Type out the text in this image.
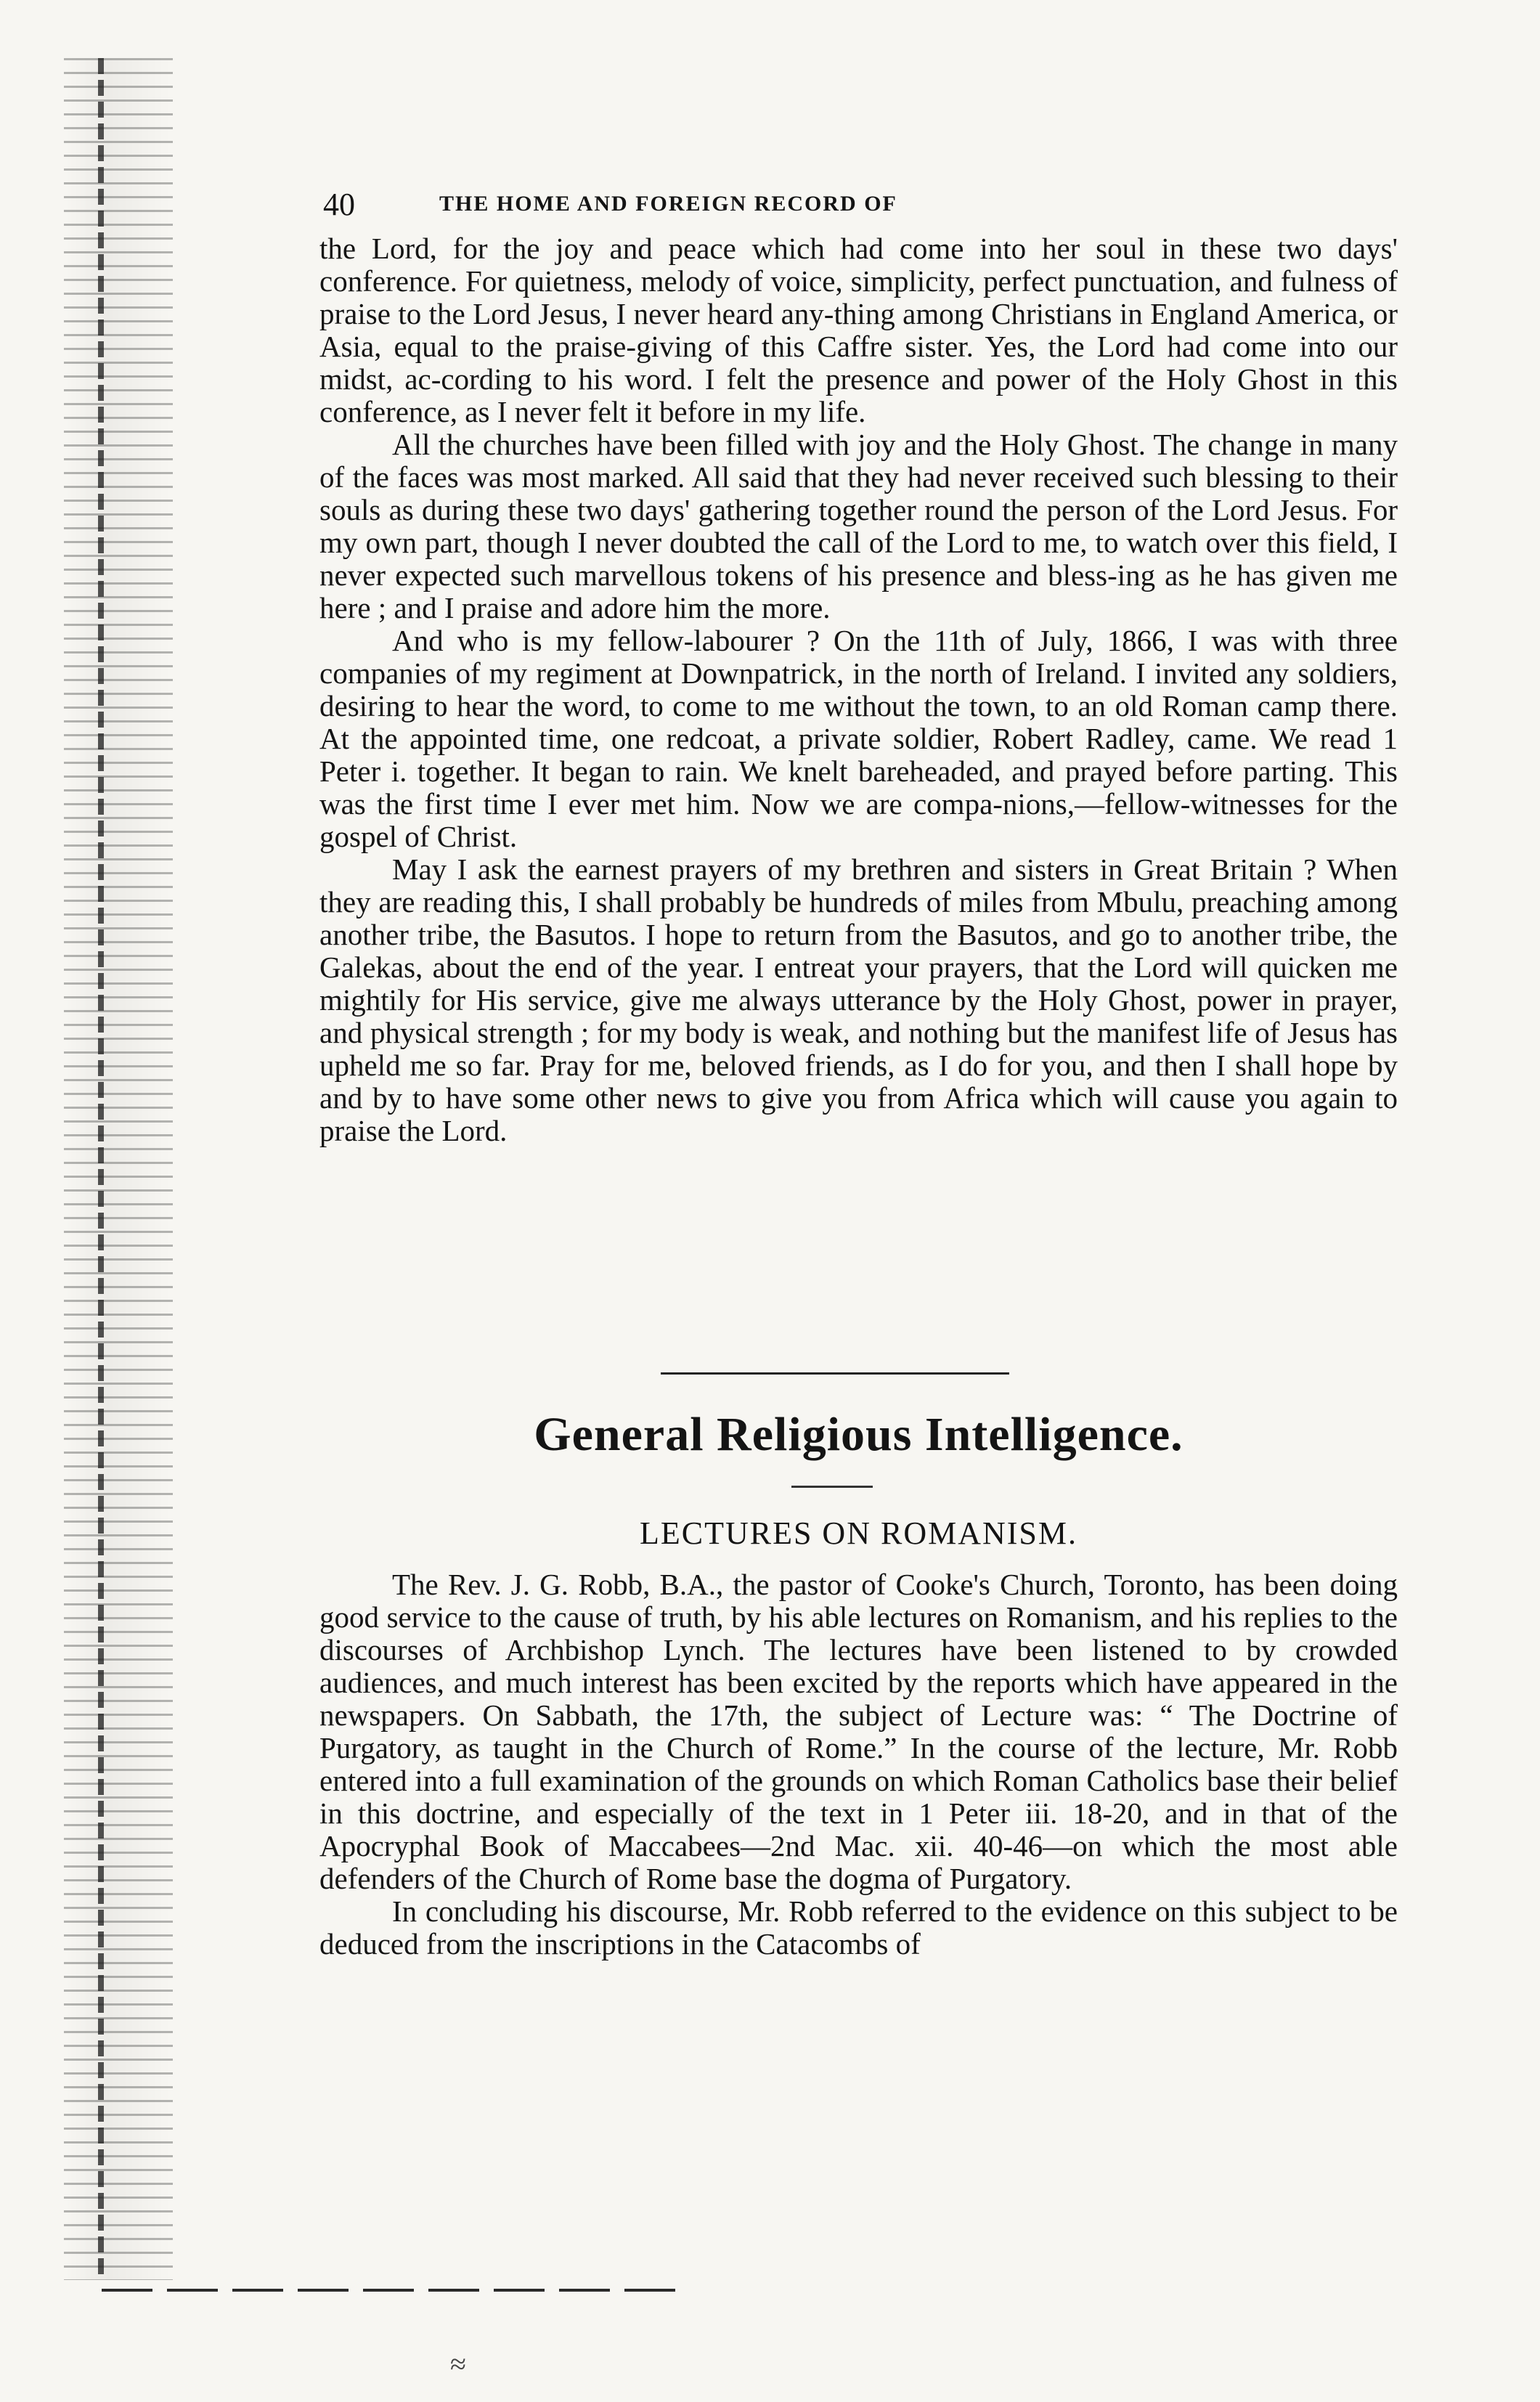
40	THE HOME AND FOREIGN RECORD OF

the Lord, for the joy and peace which had come into her soul in these two days' conference. For quietness, melody of voice, simplicity, perfect punctuation, and fulness of praise to the Lord Jesus, I never heard any-thing among Christians in England America, or Asia, equal to the praise-giving of this Caffre sister. Yes, the Lord had come into our midst, ac-cording to his word. I felt the presence and power of the Holy Ghost in this conference, as I never felt it before in my life.

All the churches have been filled with joy and the Holy Ghost. The change in many of the faces was most marked. All said that they had never received such blessing to their souls as during these two days' gathering together round the person of the Lord Jesus. For my own part, though I never doubted the call of the Lord to me, to watch over this field, I never expected such marvellous tokens of his presence and bless-ing as he has given me here ; and I praise and adore him the more.

And who is my fellow-labourer ? On the 11th of July, 1866, I was with three companies of my regiment at Downpatrick, in the north of Ireland. I invited any soldiers, desiring to hear the word, to come to me without the town, to an old Roman camp there. At the appointed time, one redcoat, a private soldier, Robert Radley, came. We read 1 Peter i. together. It began to rain. We knelt bareheaded, and prayed before parting. This was the first time I ever met him. Now we are compa-nions,—fellow-witnesses for the gospel of Christ.

May I ask the earnest prayers of my brethren and sisters in Great Britain ? When they are reading this, I shall probably be hundreds of miles from Mbulu, preaching among another tribe, the Basutos. I hope to return from the Basutos, and go to another tribe, the Galekas, about the end of the year. I entreat your prayers, that the Lord will quicken me mightily for His service, give me always utterance by the Holy Ghost, power in prayer, and physical strength ; for my body is weak, and nothing but the manifest life of Jesus has upheld me so far. Pray for me, beloved friends, as I do for you, and then I shall hope by and by to have some other news to give you from Africa which will cause you again to praise the Lord.

General Religious Intelligence.
LECTURES ON ROMANISM.

The Rev. J. G. Robb, B.A., the pastor of Cooke's Church, Toronto, has been doing good service to the cause of truth, by his able lectures on Romanism, and his replies to the discourses of Archbishop Lynch. The lectures have been listened to by crowded audiences, and much interest has been excited by the reports which have appeared in the newspapers. On Sabbath, the 17th, the subject of Lecture was: “ The Doctrine of Purgatory, as taught in the Church of Rome.” In the course of the lecture, Mr. Robb entered into a full examination of the grounds on which Roman Catholics base their belief in this doctrine, and especially of the text in 1 Peter iii. 18-20, and in that of the Apocryphal Book of Maccabees—2nd Mac. xii. 40-46—on which the most able defenders of the Church of Rome base the dogma of Purgatory.

In concluding his discourse, Mr. Robb referred to the evidence on this subject to be deduced from the inscriptions in the Catacombs of

≈
